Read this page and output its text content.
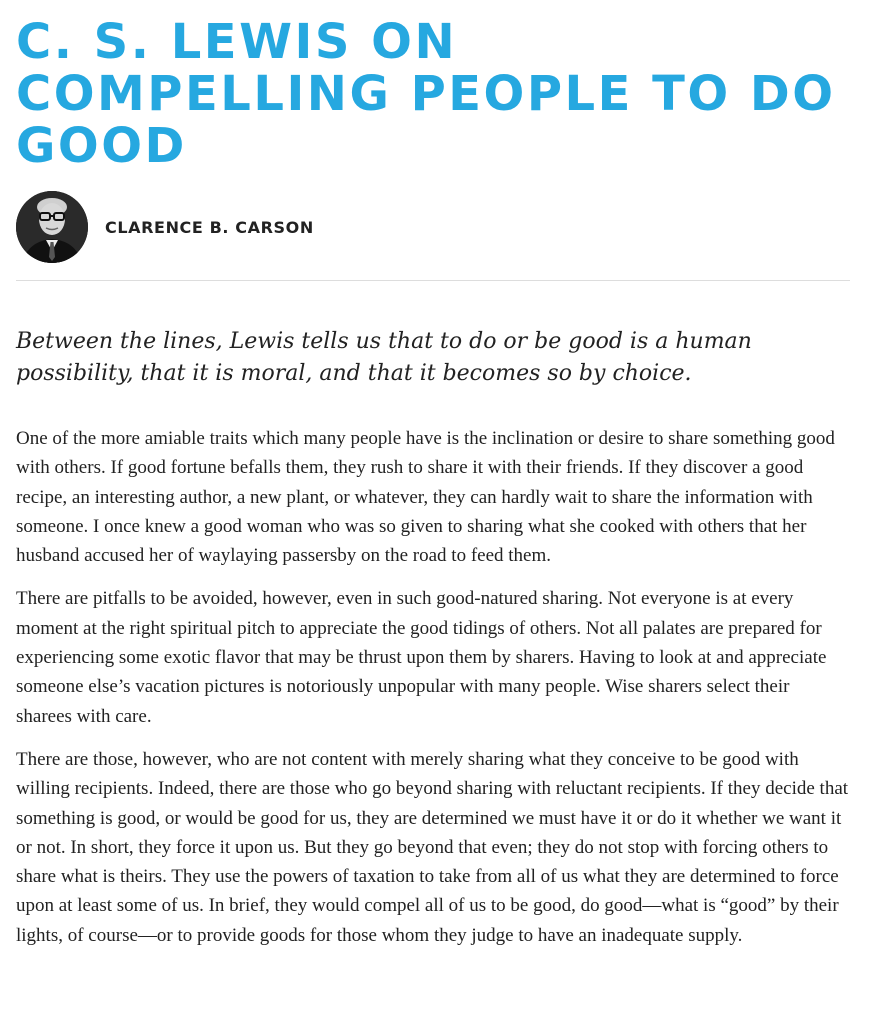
C. S. LEWIS ON COMPELLING PEOPLE TO DO GOOD
CLARENCE B. CARSON

Between the lines, Lewis tells us that to do or be good is a human possibility, that it is moral, and that it becomes so by choice.

One of the more amiable traits which many people have is the inclination or desire to share something good with others. If good fortune befalls them, they rush to share it with their friends. If they discover a good recipe, an interesting author, a new plant, or whatever, they can hardly wait to share the information with someone. I once knew a good woman who was so given to sharing what she cooked with others that her husband accused her of waylaying passersby on the road to feed them.

There are pitfalls to be avoided, however, even in such good-natured sharing. Not everyone is at every moment at the right spiritual pitch to appreciate the good tidings of others. Not all palates are prepared for experiencing some exotic flavor that may be thrust upon them by sharers. Having to look at and appreciate someone else’s vacation pictures is notoriously unpopular with many people. Wise sharers select their sharees with care.

There are those, however, who are not content with merely sharing what they conceive to be good with willing recipients. Indeed, there are those who go beyond sharing with reluctant recipients. If they decide that something is good, or would be good for us, they are determined we must have it or do it whether we want it or not. In short, they force it upon us. But they go beyond that even; they do not stop with forcing others to share what is theirs. They use the powers of taxation to take from all of us what they are determined to force upon at least some of us. In brief, they would compel all of us to be good, do good—what is “good” by their lights, of course—or to provide goods for those whom they judge to have an inadequate supply.
